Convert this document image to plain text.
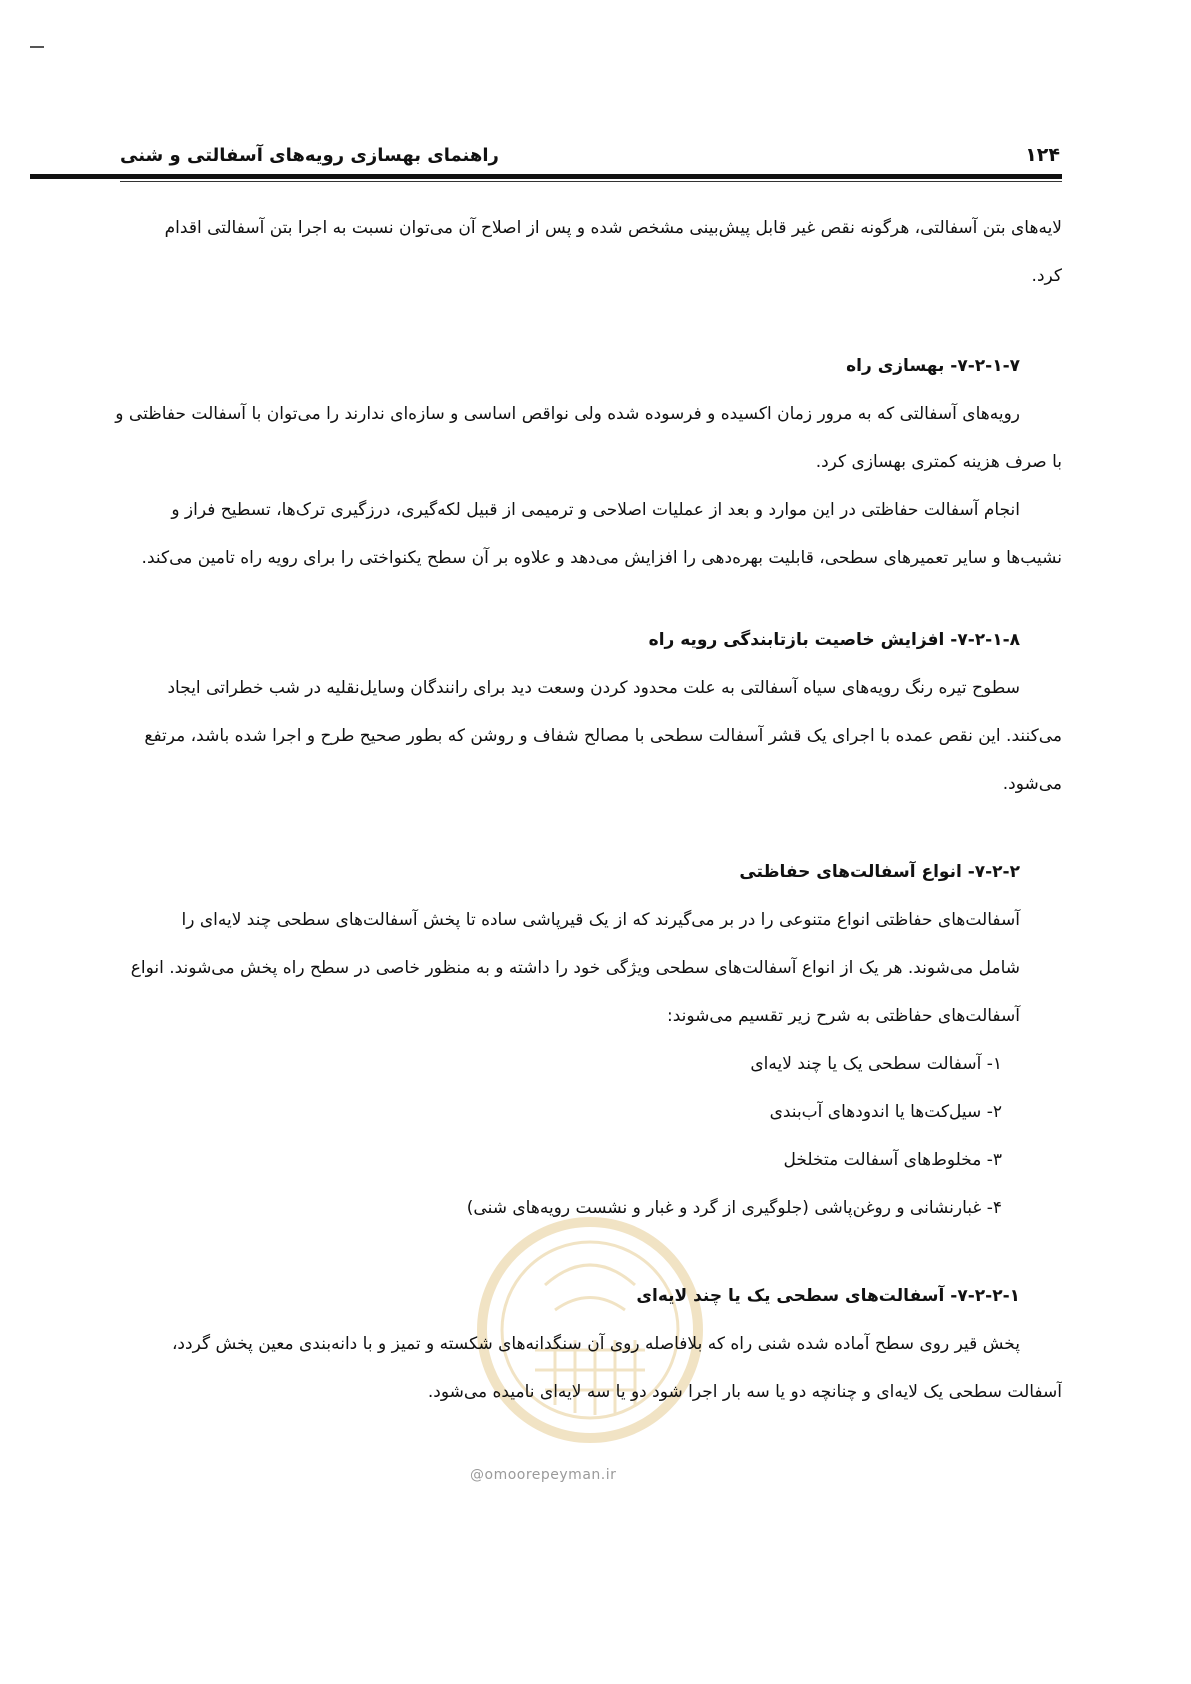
۱۲۴
راهنمای بهسازی رویه‌های آسفالتی و شنی
لایه‌های بتن آسفالتی، هرگونه نقص غیر قابل پیش‌بینی مشخص شده و پس از اصلاح آن می‌توان نسبت به اجرا بتن آسفالتی اقدام
کرد.
۷-۲-۱-۷- بهسازی راه
رویه‌های آسفالتی که به مرور زمان اکسیده و فرسوده شده ولی نواقص اساسی و سازه‌ای ندارند را می‌توان با آسفالت حفاظتی و
با صرف هزینه کمتری بهسازی کرد.
انجام آسفالت حفاظتی در این موارد و بعد از عملیات اصلاحی و ترمیمی از قبیل لکه‌گیری، درزگیری ترک‌ها، تسطیح فراز و
نشیب‌ها و سایر تعمیرهای سطحی، قابلیت بهره‌دهی را افزایش می‌دهد و علاوه بر آن سطح یکنواختی را برای رویه راه تامین می‌کند.
۷-۲-۱-۸- افزایش خاصیت بازتابندگی رویه راه
سطوح تیره رنگ رویه‌های سیاه آسفالتی به علت محدود کردن وسعت دید برای رانندگان وسایل‌نقلیه در شب خطراتی ایجاد
می‌کنند. این نقص عمده با اجرای یک قشر آسفالت سطحی با مصالح شفاف و روشن که بطور صحیح طرح و اجرا شده باشد، مرتفع
می‌شود.
۷-۲-۲- انواع آسفالت‌های حفاظتی
آسفالت‌های حفاظتی انواع متنوعی را در بر می‌گیرند که از یک قیرپاشی ساده تا پخش آسفالت‌های سطحی چند لایه‌ای را
شامل می‌شوند. هر یک از انواع آسفالت‌های سطحی ویژگی خود را داشته و به منظور خاصی در سطح راه پخش می‌شوند. انواع
آسفالت‌های حفاظتی به شرح زیر تقسیم می‌شوند:
۱- آسفالت سطحی یک یا چند لایه‌ای
۲- سیل‌کت‌ها یا اندودهای آب‌بندی
۳- مخلوط‌های آسفالت متخلخل
۴- غبارنشانی و روغن‌پاشی (جلوگیری از گرد و غبار و نشست رویه‌های شنی)
@omoorepeyman.ir
۷-۲-۲-۱- آسفالت‌های سطحی یک یا چند لایه‌ای
پخش قیر روی سطح آماده شده شنی راه که بلافاصله روی آن سنگدانه‌های شکسته و تمیز و با دانه‌بندی معین پخش گردد،
آسفالت سطحی یک لایه‌ای و چنانچه دو یا سه بار اجرا شود دو یا سه لایه‌ای نامیده می‌شود.
